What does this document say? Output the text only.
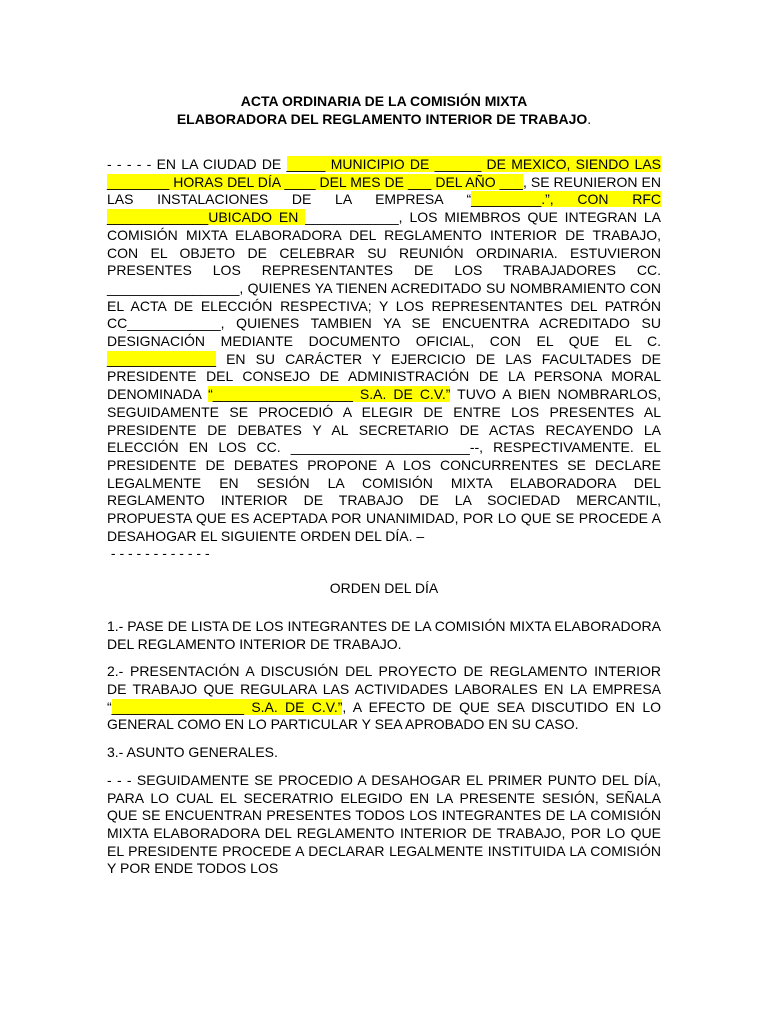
ACTA ORDINARIA DE LA COMISIÓN MIXTA
ELABORADORA DEL REGLAMENTO INTERIOR DE TRABAJO.

- - - - - EN LA CIUDAD DE _____ MUNICIPIO DE ______ DE MEXICO, SIENDO LAS ________ HORAS DEL DÍA ____ DEL MES DE ___ DEL AÑO ___, SE REUNIERON EN LAS INSTALACIONES DE LA EMPRESA “_________.”, CON RFC _____________UBICADO EN ____________, LOS MIEMBROS QUE INTEGRAN LA COMISIÓN MIXTA ELABORADORA DEL REGLAMENTO INTERIOR DE TRABAJO, CON EL OBJETO DE CELEBRAR SU REUNIÓN ORDINARIA. ESTUVIERON PRESENTES LOS REPRESENTANTES DE LOS TRABAJADORES CC. _________________, QUIENES YA TIENEN ACREDITADO SU NOMBRAMIENTO CON EL ACTA DE ELECCIÓN RESPECTIVA; Y LOS REPRESENTANTES DEL PATRÓN CC____________, QUIENES TAMBIEN YA SE ENCUENTRA ACREDITADO SU DESIGNACIÓN MEDIANTE DOCUMENTO OFICIAL, CON EL QUE EL C. ______________ EN SU CARÁCTER Y EJERCICIO DE LAS FACULTADES DE PRESIDENTE DEL CONSEJO DE ADMINISTRACIÓN DE LA PERSONA MORAL DENOMINADA “__________________ S.A. DE C.V.” TUVO A BIEN NOMBRARLOS, SEGUIDAMENTE SE PROCEDIÓ A ELEGIR DE ENTRE LOS PRESENTES AL PRESIDENTE DE DEBATES Y AL SECRETARIO DE ACTAS RECAYENDO LA ELECCIÓN EN LOS CC. _______________________--, RESPECTIVAMENTE. EL PRESIDENTE DE DEBATES PROPONE A LOS CONCURRENTES SE DECLARE LEGALMENTE EN SESIÓN LA COMISIÓN MIXTA ELABORADORA DEL REGLAMENTO INTERIOR DE TRABAJO DE LA SOCIEDAD MERCANTIL, PROPUESTA QUE ES ACEPTADA POR UNANIMIDAD, POR LO QUE SE PROCEDE A DESAHOGAR EL SIGUIENTE ORDEN DEL DÍA. –

- - - - - - - - - - - -

ORDEN DEL DÍA

1.- PASE DE LISTA DE LOS INTEGRANTES DE LA COMISIÓN MIXTA ELABORADORA DEL REGLAMENTO INTERIOR DE TRABAJO.

2.- PRESENTACIÓN A DISCUSIÓN DEL PROYECTO DE REGLAMENTO INTERIOR DE TRABAJO QUE REGULARA LAS ACTIVIDADES LABORALES EN LA EMPRESA “_________________ S.A. DE C.V.”, A EFECTO DE QUE SEA DISCUTIDO EN LO GENERAL COMO EN LO PARTICULAR Y SEA APROBADO EN SU CASO.

3.- ASUNTO GENERALES.

- - - SEGUIDAMENTE SE PROCEDIO A DESAHOGAR EL PRIMER PUNTO DEL DÍA, PARA LO CUAL EL SECERATRIO ELEGIDO EN LA PRESENTE SESIÓN, SEÑALA      QUE SE ENCUENTRAN PRESENTES TODOS LOS INTEGRANTES DE LA COMISIÓN MIXTA ELABORADORA DEL REGLAMENTO INTERIOR DE TRABAJO, POR LO QUE EL PRESIDENTE PROCEDE A DECLARAR LEGALMENTE INSTITUIDA LA COMISIÓN Y POR ENDE TODOS LOS
